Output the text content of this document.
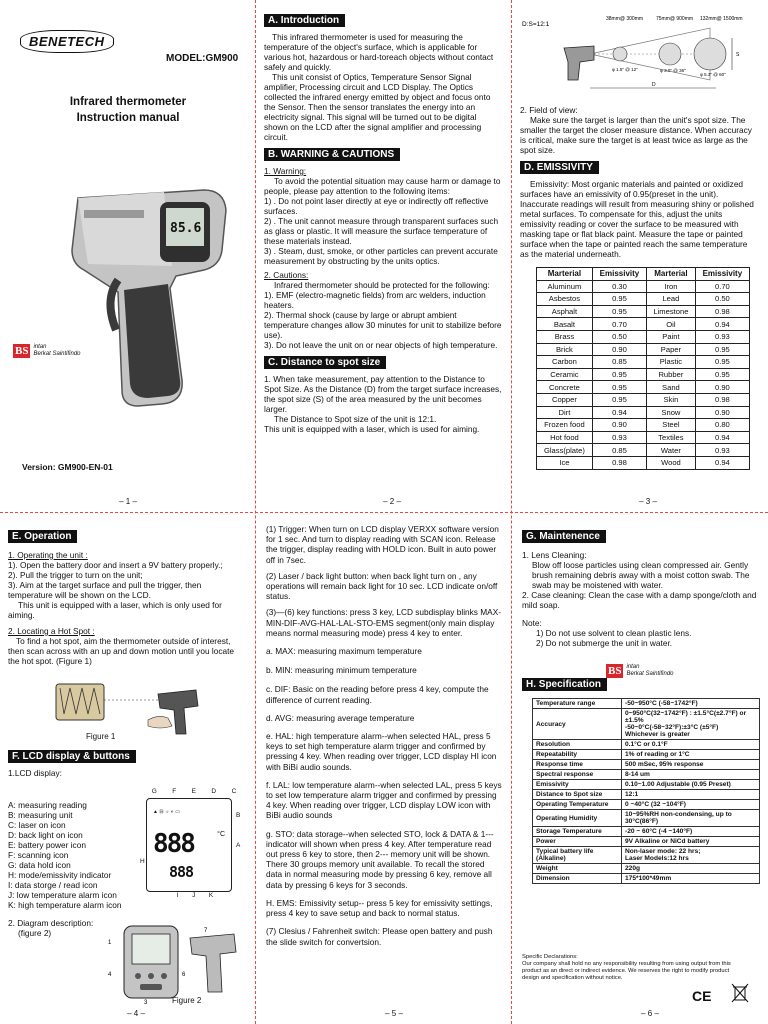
BENETECH
MODEL:GM900
Infrared thermometer
Instruction manual
85.6
BS intan
Berkat Saintifindo
Version: GM900-EN-01
– 1 –
A. Introduction

This infrared thermometer is used for measuring the temperature of the object's surface, which is applicable for various hot, hazardous or hard-toreach objects without contact safely and quickly.

This unit consist of Optics, Temperature Sensor Signal amplifier, Processing circuit and LCD Display. The Optics collected the infrared energy emitted by object and focus onto the Sensor. Then the sensor translates the energy into an electricity signal. This signal will be turned out to be digital shown on the LCD after the signal amplifier and processing circuit.

B. WARNING & CAUTIONS

1. Warning:

To avoid the potential situation may cause harm or damage to people, please pay attention to the following items:

1) . Do not point laser directly at eye or indirectly off reflective surfaces.

2) . The unit cannot measure through transparent surfaces such as glass or plastic. It will measure the surface temperature of these materials instead.

3) . Steam, dust, smoke, or other particles can prevent accurate measurement by obstructing by the units optics.

2. Cautions:

Infrared thermometer should be protected for the following:

1). EMF (electro-magnetic fields) from arc welders, induction heaters.

2). Thermal shock (cause by large or abrupt ambient temperature changes allow 30 minutes for unit to stabilize before use).

3). Do not leave the unit on or near objects of high temperature.

C. Distance to spot size

1. When take measurement, pay attention to the Distance to Spot Size. As the Distance (D) from the target surface increases, the spot size (S) of the area measured by the unit becomes larger.

The Distance to Spot size of the unit is 12:1.

This unit is equipped with a laser, which is used for aiming.

– 2 –
D:S=12:1
38mm@ 300mm	75mm@ 900mm 132mm@ 1500mm
φ 1.5" @ 12"	φ 3.0" @ 36"
φ 5.3" @ 60"
D
S

2. Field of view:

Make sure the target is larger than the unit's spot size. The smaller the target the closer measure distance. When accuracy is critical, make sure the target is at least twice as large as the spot size.

D. EMISSIVITY
Emissivity: Most organic materials and painted or oxidized surfaces have an emissivity of 0.95(preset in the unit). Inaccurate readings will result from measuring shiny or polished metal surfaces. To compensate for this, adjust the units emissivity reading or cover the surface to be measured with masking tape or flat black paint. Measure the tape or painted surface when the tape or painted reach the same temperature as the material underneath.
Marterial	Emissivity	Marterial	Emissivity
Aluminum	0.30	Iron	0.70
Asbestos	0.95	Lead	0.50
Asphalt	0.95	Limestone	0.98
Basalt	0.70	Oil	0.94
Brass	0.50	Paint	0.93
Brick	0.90	Paper	0.95
Carbon	0.85	Plastic	0.95
Ceramic	0.95	Rubber	0.95
Concrete	0.95	Sand	0.90
Copper	0.95	Skin	0.98
Dirt	0.94	Snow	0.90
Frozen food	0.90	Steel	0.80
Hot food	0.93	Textiles	0.94
Glass(plate)	0.85	Water	0.93
Ice	0.98	Wood	0.94
– 3 –
E. Operation

1. Operating the unit :

1). Open the battery door and insert a 9V battery properly.;

2). Pull the trigger to turn on the unit;

3). Aim at the target surface and pull the trigger, then temperature will be shown on the LCD.

This unit is equipped with a laser, which is only used for aiming.

2. Locating a Hot Spot :

To find a hot spot, aim the thermometer outside of interest, then scan across with an up and down motion until you locate the hot spot. (Figure 1)

Figure 1
F. LCD display & buttons
1.LCD display:

A: measuring reading

B: measuring unit

C: laser on icon

D: back light on icon

E: battery power icon

F: scanning icon

G: data hold icon

H: mode/emissivity indicator

I: data storge / read icon

J: low temperature alarm icon

K: high temperature alarm icon

G F E D C
888	°C
888
▲ ⊟ ☼ ◐ ▭	B
A
H
I J K

2. Diagram description:

(figure 2)

1
4	6
3
7
Figure 2
– 4 –

(1) Trigger: When turn on LCD display VERXX software version for 1 sec. And turn to display reading with SCAN icon. Release the trigger, display reading with HOLD icon. Built in auto power off in 7sec.

(2) Laser / back light button: when back light turn on , any operations will remain back light for 10 sec. LCD indicate on/off status.

(3)—(6) key functions: press 3 key, LCD subdisplay blinks MAX-MIN-DIF-AVG-HAL-LAL-STO-EMS segment(only main display means normal measuring mode) press 4 key to enter.

a. MAX: measuring maximum temperature

b. MIN: measuring minimum temperature

c. DIF: Basic on the reading before press 4 key, compute the difference of current reading.

d. AVG: measuring average temperature

e. HAL: high temperature alarm--when selected HAL, press 5 keys to set high temperature alarm trigger and confirmed by pressing 4 key. When reading over trigger, LCD display HI icon with BiBi audio sounds.

f. LAL: low temperature alarm--when selected LAL, press 5 keys to set low temperature alarm trigger and confirmed by pressing 4 key. When reading over trigger, LCD display LOW icon with BiBi audio sounds

g. STO: data storage--when selected STO, lock & DATA & 1---indicator will shown when press 4 key. After temperature read out press 6 key to store, then 2--- memory unit will be shown. There 30 groups memory unit available. To recall the stored data in normal measuring mode by pressing 6 key, remove all data by pressing 6 keys for 3 seconds.

H. EMS: Emissivity setup-- press 5 key for emissivity settings, press 4 key to save setup and back to normal status.

(7) Clesius / Fahrenheit switch: Please open battery and push the slide switch for convertsion.

– 5 –
G. Maintenence

1. Lens Cleaning:

Blow off loose particles using clean compressed air. Gently brush remaining debris away with a moist cotton swab. The swab may be moistened with water.

2. Case cleaning: Clean the case with a damp sponge/cloth and mild soap.

Note:

1) Do not use solvent to clean plastic lens.

2) Do not submerge the unit in water.

BS intan
Berkat Saintifindo
H. Specification
Temperature range	-50~950°C (-58~1742°F)
Accuracy	0~950°C(32~1742°F) : ±1.5°C(±2.7°F) or ±1.5%
-50~0°C(-58~32°F):±3°C (±5°F)
Whichever is greater
Resolution	0.1°C or 0.1°F
Repeatability	1% of reading or 1°C
Response time	500 mSec, 95% response
Spectral response	8-14 um
Emissivity	0.10~1.00 Adjustable (0.95 Preset)
Distance to Spot size	12:1
Operating Temperature	0 ~40°C (32 ~104°F)
Operating Humidity	10~95%RH non-condensing, up to 30°C(86°F)
Storage Temperature	-20 ~ 60°C (-4 ~140°F)
Power	9V Alkaline or NiCd battery
Typical battery life (Alkaline)	Non-laser mode: 22 hrs;
Laser Models:12 hrs
Weight	220g
Dimension	175*100*49mm

Specific Declarations:

Our company shall hold no any responsibility resulting from using output from this product as an direct or indirect evidence. We reserves the right to modify product design and specification without notice.

CE
– 6 –
